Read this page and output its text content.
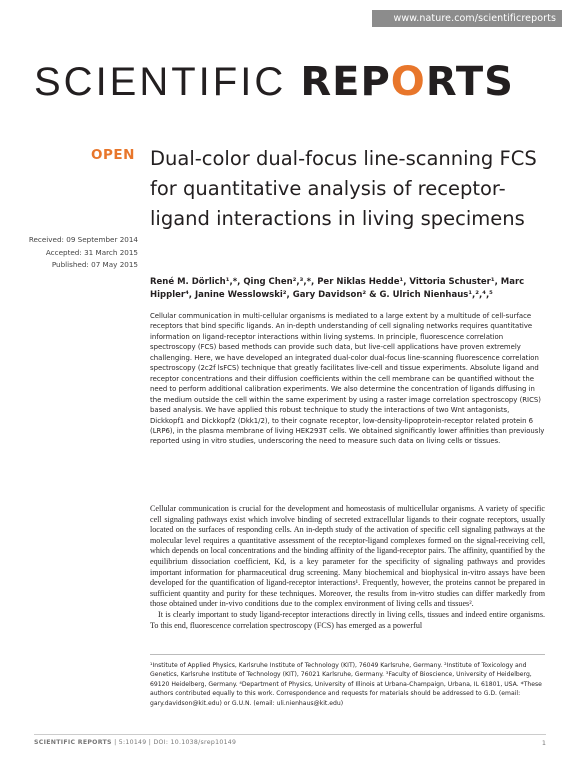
www.nature.com/scientificreports
SCIENTIFIC REPORTS
OPEN Dual-color dual-focus line-scanning FCS for quantitative analysis of receptor-ligand interactions in living specimens
Received: 09 September 2014
Accepted: 31 March 2015
Published: 07 May 2015
René M. Dörlich¹,*, Qing Chen²,³,*, Per Niklas Hedde¹, Vittoria Schuster¹, Marc Hippler⁴, Janine Wesslowski², Gary Davidson² & G. Ulrich Nienhaus¹,²,⁴,⁵
Cellular communication in multi-cellular organisms is mediated to a large extent by a multitude of cell-surface receptors that bind specific ligands. An in-depth understanding of cell signaling networks requires quantitative information on ligand-receptor interactions within living systems. In principle, fluorescence correlation spectroscopy (FCS) based methods can provide such data, but live-cell applications have proven extremely challenging. Here, we have developed an integrated dual-color dual-focus line-scanning fluorescence correlation spectroscopy (2c2f lsFCS) technique that greatly facilitates live-cell and tissue experiments. Absolute ligand and receptor concentrations and their diffusion coefficients within the cell membrane can be quantified without the need to perform additional calibration experiments. We also determine the concentration of ligands diffusing in the medium outside the cell within the same experiment by using a raster image correlation spectroscopy (RICS) based analysis. We have applied this robust technique to study the interactions of two Wnt antagonists, Dickkopf1 and Dickkopf2 (Dkk1/2), to their cognate receptor, low-density-lipoprotein-receptor related protein 6 (LRP6), in the plasma membrane of living HEK293T cells. We obtained significantly lower affinities than previously reported using in vitro studies, underscoring the need to measure such data on living cells or tissues.

Cellular communication is crucial for the development and homeostasis of multicellular organisms. A variety of specific cell signaling pathways exist which involve binding of secreted extracellular ligands to their cognate receptors, usually located on the surfaces of responding cells. An in-depth study of the activation of specific cell signaling pathways at the molecular level requires a quantitative assessment of the receptor-ligand complexes formed on the signal-receiving cell, which depends on local concentrations and the binding affinity of the ligand-receptor pairs. The affinity, quantified by the equilibrium dissociation coefficient, Kd, is a key parameter for the specificity of signaling pathways and provides important information for pharmaceutical drug screening. Many biochemical and biophysical in-vitro assays have been developed for the quantification of ligand-receptor interactions¹. Frequently, however, the proteins cannot be prepared in sufficient quantity and purity for these techniques. Moreover, the results from in-vitro studies can differ markedly from those obtained under in-vivo conditions due to the complex environment of living cells and tissues².

It is clearly important to study ligand-receptor interactions directly in living cells, tissues and indeed entire organisms. To this end, fluorescence correlation spectroscopy (FCS) has emerged as a powerful

¹Institute of Applied Physics, Karlsruhe Institute of Technology (KIT), 76049 Karlsruhe, Germany. ²Institute of Toxicology and Genetics, Karlsruhe Institute of Technology (KIT), 76021 Karlsruhe, Germany. ³Faculty of Bioscience, University of Heidelberg, 69120 Heidelberg, Germany. ⁴Department of Physics, University of Illinois at Urbana-Champaign, Urbana, IL 61801, USA. *These authors contributed equally to this work. Correspondence and requests for materials should be addressed to G.D. (email: gary.davidson@kit.edu) or G.U.N. (email: uli.nienhaus@kit.edu)
SCIENTIFIC REPORTS | 5:10149 | DOI: 10.1038/srep10149	1
